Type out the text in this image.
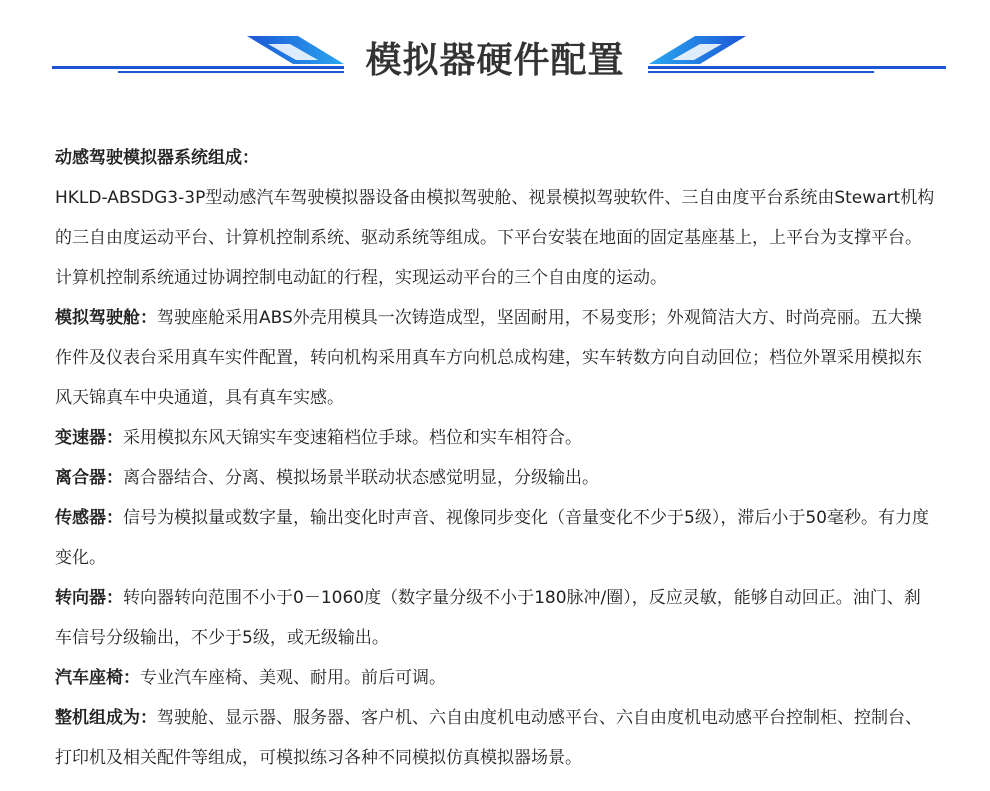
模拟器硬件配置

动感驾驶模拟器系统组成：

HKLD-ABSDG3-3P型动感汽车驾驶模拟器设备由模拟驾驶舱、视景模拟驾驶软件、三自由度平台系统由Stewart机构的三自由度运动平台、计算机控制系统、驱动系统等组成。下平台安装在地面的固定基座基上，上平台为支撑平台。计算机控制系统通过协调控制电动缸的行程，实现运动平台的三个自由度的运动。

模拟驾驶舱：驾驶座舱采用ABS外壳用模具一次铸造成型，坚固耐用，不易变形；外观简洁大方、时尚亮丽。五大操作件及仪表台采用真车实件配置，转向机构采用真车方向机总成构建，实车转数方向自动回位；档位外罩采用模拟东风天锦真车中央通道，具有真车实感。

变速器：采用模拟东风天锦实车变速箱档位手球。档位和实车相符合。

离合器：离合器结合、分离、模拟场景半联动状态感觉明显，分级输出。

传感器：信号为模拟量或数字量，输出变化时声音、视像同步变化（音量变化不少于5级），滞后小于50毫秒。有力度变化。

转向器：转向器转向范围不小于0－1060度（数字量分级不小于180脉冲/圈），反应灵敏，能够自动回正。油门、刹车信号分级输出，不少于5级，或无级输出。

汽车座椅：专业汽车座椅、美观、耐用。前后可调。

整机组成为：驾驶舱、显示器、服务器、客户机、六自由度机电动感平台、六自由度机电动感平台控制柜、控制台、打印机及相关配件等组成，可模拟练习各种不同模拟仿真模拟器场景。
